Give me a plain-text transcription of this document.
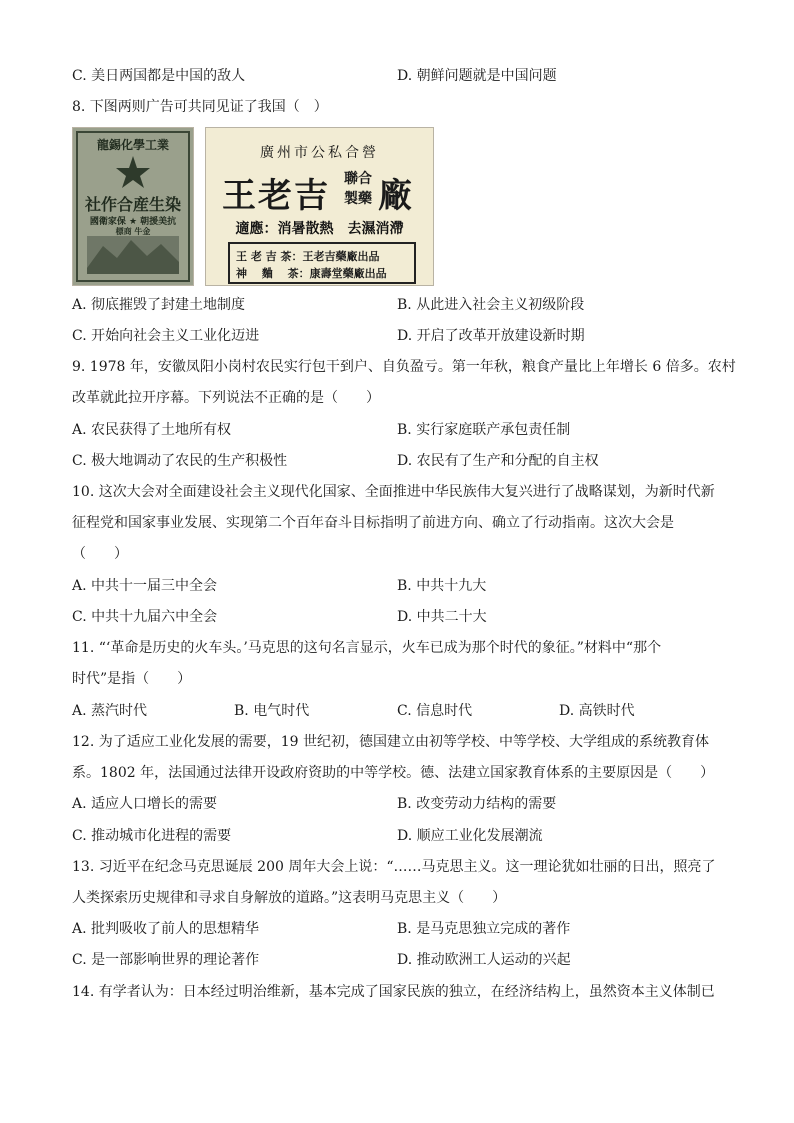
C. 美日两国都是中国的敌人	D. 朝鲜问题就是中国问题
8. 下图两则广告可共同见证了我国（　）
龍錫化學工業
社作合産生染
國衛家保 ★ 朝援美抗
標商 牛金
廣州市公私合營
王老吉 聯合
製藥 廠
適應：消暑散熱　去濕消滯
王 老 吉 茶：王老吉藥廠出品
神　 麯　 茶：康壽堂藥廠出品
A. 彻底摧毁了封建土地制度	B. 从此进入社会主义初级阶段
C. 开始向社会主义工业化迈进	D. 开启了改革开放建设新时期
9. 1978 年，安徽凤阳小岗村农民实行包干到户、自负盈亏。第一年秋，粮食产量比上年增长 6 倍多。农村
改革就此拉开序幕。下列说法不正确的是（　　）
A. 农民获得了土地所有权	B. 实行家庭联产承包责任制
C. 极大地调动了农民的生产积极性	D. 农民有了生产和分配的自主权
10. 这次大会对全面建设社会主义现代化国家、全面推进中华民族伟大复兴进行了战略谋划，为新时代新
征程党和国家事业发展、实现第二个百年奋斗目标指明了前进方向、确立了行动指南。这次大会是
（　　）
A. 中共十一届三中全会	B. 中共十九大
C. 中共十九届六中全会	D. 中共二十大
11. “‘革命是历史的火车头。’马克思的这句名言显示，火车已成为那个时代的象征。”材料中“那个
时代”是指（　　）
A. 蒸汽时代	B. 电气时代	C. 信息时代	D. 高铁时代
12. 为了适应工业化发展的需要，19 世纪初，德国建立由初等学校、中等学校、大学组成的系统教育体
系。1802 年，法国通过法律开设政府资助的中等学校。德、法建立国家教育体系的主要原因是（　　）
A. 适应人口增长的需要	B. 改变劳动力结构的需要
C. 推动城市化进程的需要	D. 顺应工业化发展潮流
13. 习近平在纪念马克思诞辰 200 周年大会上说：“……马克思主义。这一理论犹如壮丽的日出，照亮了
人类探索历史规律和寻求自身解放的道路。”这表明马克思主义（　　）
A. 批判吸收了前人的思想精华	B. 是马克思独立完成的著作
C. 是一部影响世界的理论著作	D. 推动欧洲工人运动的兴起
14. 有学者认为：日本经过明治维新，基本完成了国家民族的独立，在经济结构上，虽然资本主义体制已
